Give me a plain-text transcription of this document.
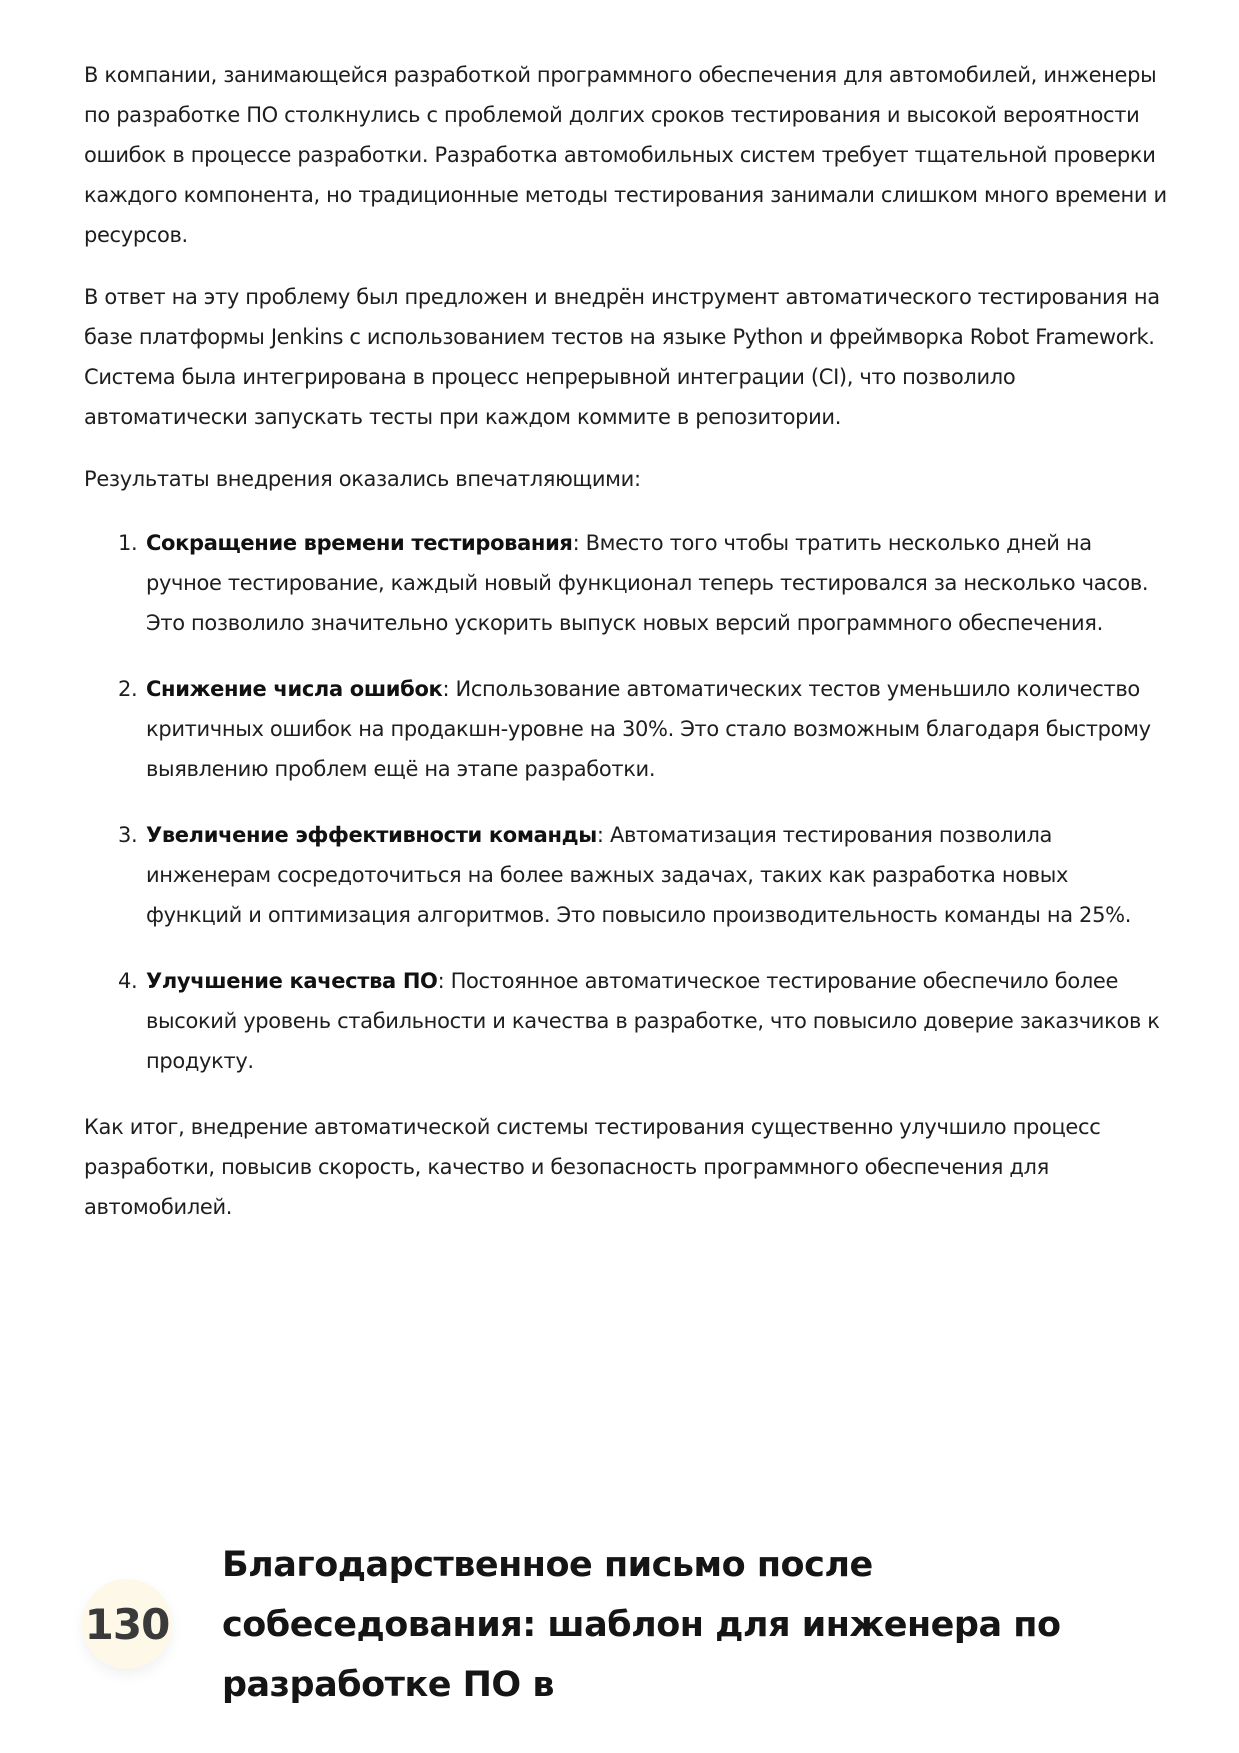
В компании, занимающейся разработкой программного обеспечения для автомобилей, инженеры по разработке ПО столкнулись с проблемой долгих сроков тестирования и высокой вероятности ошибок в процессе разработки. Разработка автомобильных систем требует тщательной проверки каждого компонента, но традиционные методы тестирования занимали слишком много времени и ресурсов.

В ответ на эту проблему был предложен и внедрён инструмент автоматического тестирования на базе платформы Jenkins с использованием тестов на языке Python и фреймворка Robot Framework. Система была интегрирована в процесс непрерывной интеграции (CI), что позволило автоматически запускать тесты при каждом коммите в репозитории.

Результаты внедрения оказались впечатляющими:

1. Сокращение времени тестирования: Вместо того чтобы тратить несколько дней на ручное тестирование, каждый новый функционал теперь тестировался за несколько часов. Это позволило значительно ускорить выпуск новых версий программного обеспечения.
2. Снижение числа ошибок: Использование автоматических тестов уменьшило количество критичных ошибок на продакшн-уровне на 30%. Это стало возможным благодаря быстрому выявлению проблем ещё на этапе разработки.
3. Увеличение эффективности команды: Автоматизация тестирования позволила инженерам сосредоточиться на более важных задачах, таких как разработка новых функций и оптимизация алгоритмов. Это повысило производительность команды на 25%.
4. Улучшение качества ПО: Постоянное автоматическое тестирование обеспечило более высокий уровень стабильности и качества в разработке, что повысило доверие заказчиков к продукту.

Как итог, внедрение автоматической системы тестирования существенно улучшило процесс разработки, повысив скорость, качество и безопасность программного обеспечения для автомобилей.

130
Благодарственное письмо после собеседования: шаблон для инженера по разработке ПО в
